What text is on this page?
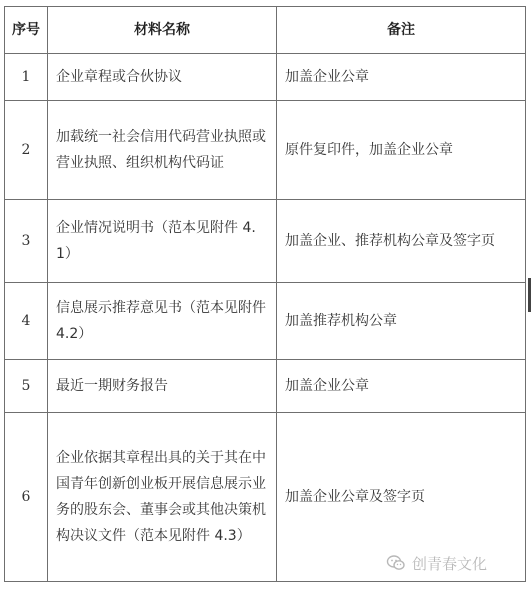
序号	材料名称	备注
1	企业章程或合伙协议	加盖企业公章
2	加载统一社会信用代码营业执照或营业执照、组织机构代码证	原件复印件，加盖企业公章
3	企业情况说明书（范本见附件 4.1）	加盖企业、推荐机构公章及签字页
4	信息展示推荐意见书（范本见附件 4.2）	加盖推荐机构公章
5	最近一期财务报告	加盖企业公章
6	企业依据其章程出具的关于其在中国青年创新创业板开展信息展示业务的股东会、董事会或其他决策机构决议文件（范本见附件 4.3）	加盖企业公章及签字页
创青春文化
